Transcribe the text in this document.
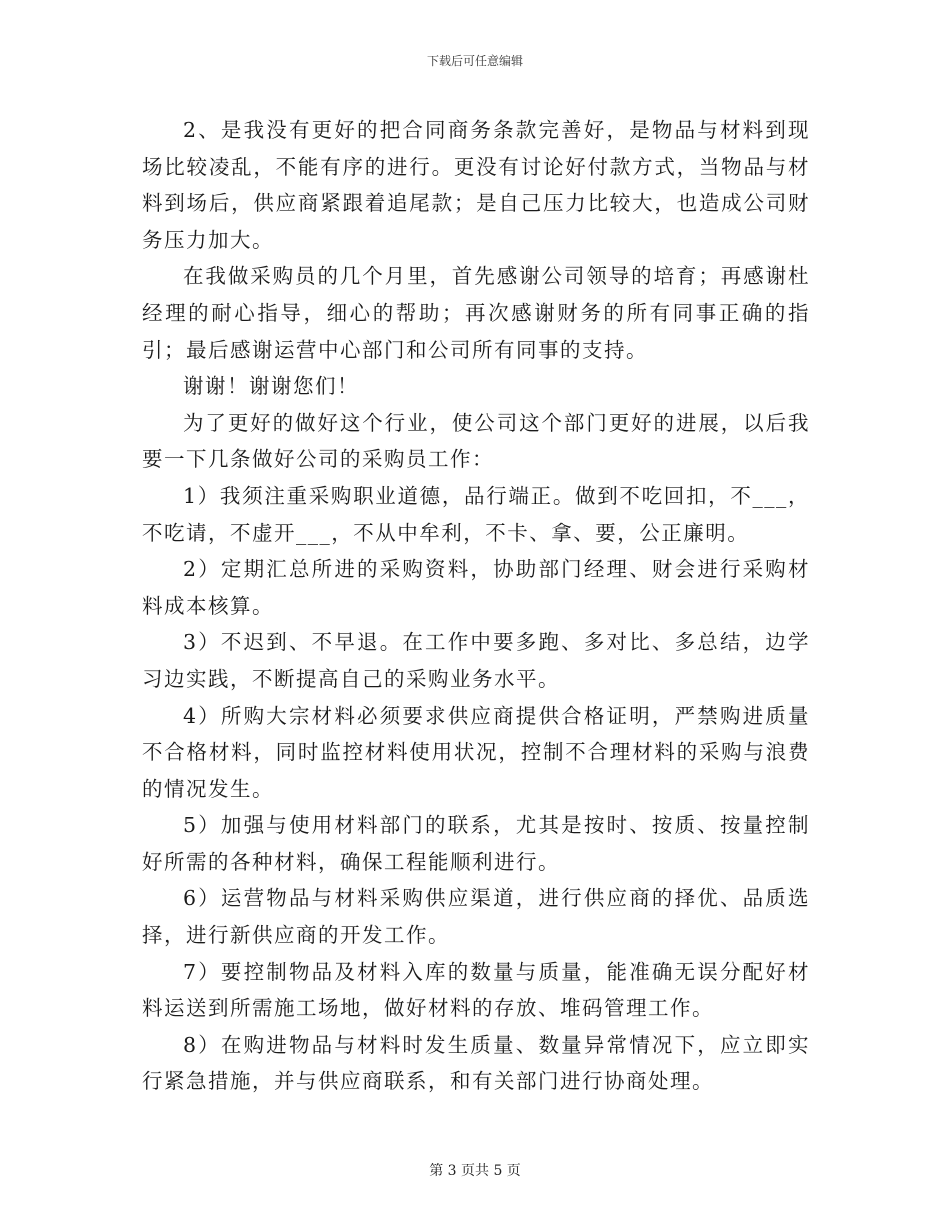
下载后可任意编辑

2、是我没有更好的把合同商务条款完善好，是物品与材料到现场比较凌乱，不能有序的进行。更没有讨论好付款方式，当物品与材料到场后，供应商紧跟着追尾款；是自己压力比较大，也造成公司财务压力加大。

在我做采购员的几个月里，首先感谢公司领导的培育；再感谢杜经理的耐心指导，细心的帮助；再次感谢财务的所有同事正确的指引；最后感谢运营中心部门和公司所有同事的支持。

谢谢！谢谢您们！

为了更好的做好这个行业，使公司这个部门更好的进展，以后我要一下几条做好公司的采购员工作：

1）我须注重采购职业道德，品行端正。做到不吃回扣，不___，不吃请，不虚开___，不从中牟利，不卡、拿、要，公正廉明。

2）定期汇总所进的采购资料，协助部门经理、财会进行采购材料成本核算。

3）不迟到、不早退。在工作中要多跑、多对比、多总结，边学习边实践，不断提高自己的采购业务水平。

4）所购大宗材料必须要求供应商提供合格证明，严禁购进质量不合格材料，同时监控材料使用状况，控制不合理材料的采购与浪费的情况发生。

5）加强与使用材料部门的联系，尤其是按时、按质、按量控制好所需的各种材料，确保工程能顺利进行。

6）运营物品与材料采购供应渠道，进行供应商的择优、品质选择，进行新供应商的开发工作。

7）要控制物品及材料入库的数量与质量，能准确无误分配好材料运送到所需施工场地，做好材料的存放、堆码管理工作。

8）在购进物品与材料时发生质量、数量异常情况下，应立即实行紧急措施，并与供应商联系，和有关部门进行协商处理。

第 3 页共 5 页
